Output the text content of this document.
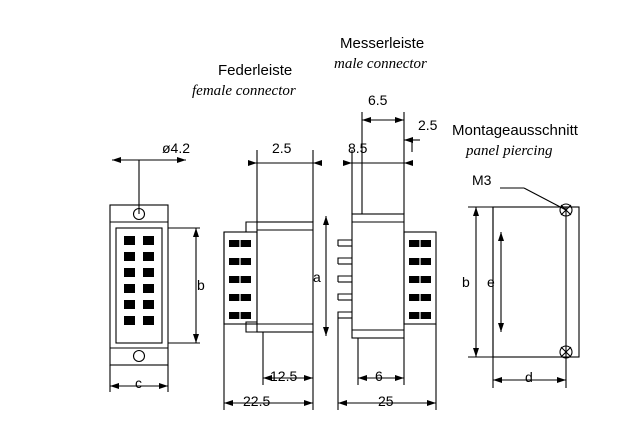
Federleiste
female connector
Messerleiste
male connector
Montageausschnitt
panel piercing
ø4.2	2.5	8.5
6.5
2.5
12.5
22.5
6
25
M3
b	a
c
b e
d
